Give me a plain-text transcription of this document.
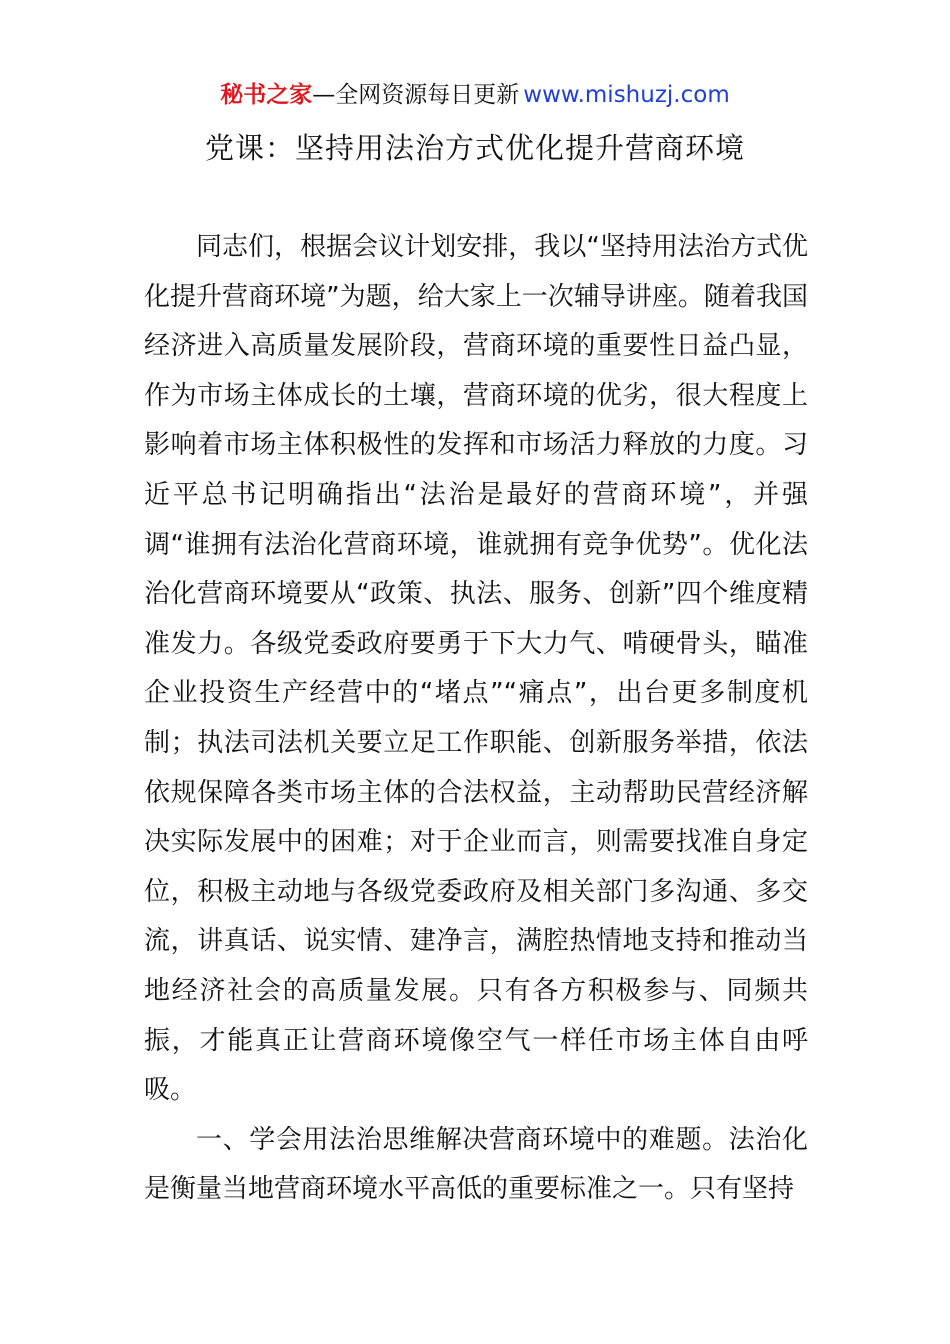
秘书之家—全网资源每日更新 www.mishuzj.com
党课：坚持用法治方式优化提升营商环境

同志们，根据会议计划安排，我以“坚持用法治方式优化提升营商环境”为题，给大家上一次辅导讲座。随着我国经济进入高质量发展阶段，营商环境的重要性日益凸显，作为市场主体成长的土壤，营商环境的优劣，很大程度上影响着市场主体积极性的发挥和市场活力释放的力度。习近平总书记明确指出“法治是最好的营商环境”，并强调“谁拥有法治化营商环境，谁就拥有竞争优势”。优化法治化营商环境要从“政策、执法、服务、创新”四个维度精准发力。各级党委政府要勇于下大力气、啃硬骨头，瞄准企业投资生产经营中的“堵点”“痛点”，出台更多制度机制；执法司法机关要立足工作职能、创新服务举措，依法依规保障各类市场主体的合法权益，主动帮助民营经济解决实际发展中的困难；对于企业而言，则需要找准自身定位，积极主动地与各级党委政府及相关部门多沟通、多交流，讲真话、说实情、建净言，满腔热情地支持和推动当地经济社会的高质量发展。只有各方积极参与、同频共振，才能真正让营商环境像空气一样任市场主体自由呼吸。

一、学会用法治思维解决营商环境中的难题。法治化是衡量当地营商环境水平高低的重要标准之一。只有坚持
